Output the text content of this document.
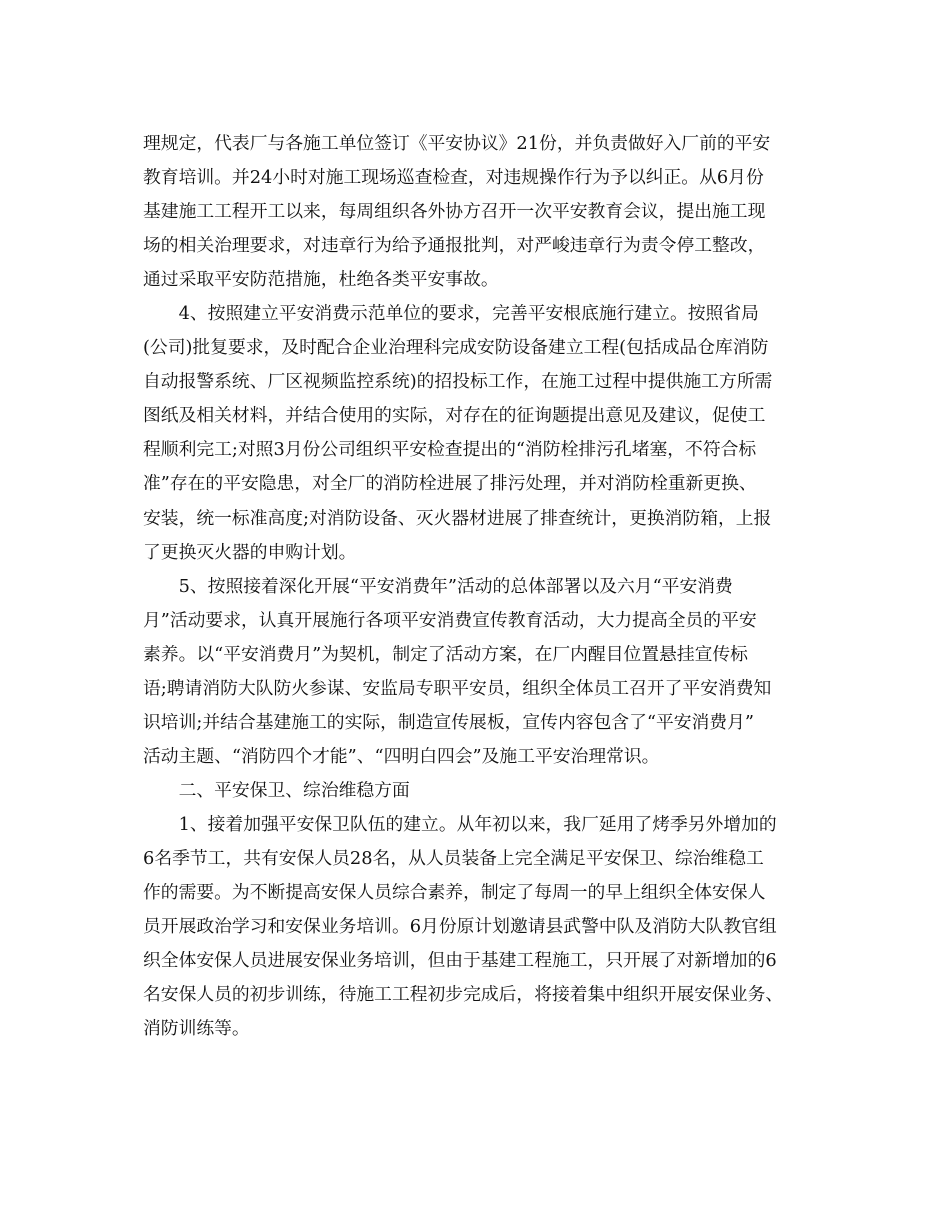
理规定，代表厂与各施工单位签订《平安协议》21份，并负责做好入厂前的平安
教育培训。并24小时对施工现场巡查检查，对违规操作行为予以纠正。从6月份
基建施工工程开工以来，每周组织各外协方召开一次平安教育会议，提出施工现
场的相关治理要求，对违章行为给予通报批判，对严峻违章行为责令停工整改，
通过采取平安防范措施，杜绝各类平安事故。
　　4、按照建立平安消费示范单位的要求，完善平安根底施行建立。按照省局
(公司)批复要求，及时配合企业治理科完成安防设备建立工程(包括成品仓库消防
自动报警系统、厂区视频监控系统)的招投标工作，在施工过程中提供施工方所需
图纸及相关材料，并结合使用的实际，对存在的征询题提出意见及建议，促使工
程顺利完工;对照3月份公司组织平安检查提出的“消防栓排污孔堵塞，不符合标
准”存在的平安隐患，对全厂的消防栓进展了排污处理，并对消防栓重新更换、
安装，统一标准高度;对消防设备、灭火器材进展了排查统计，更换消防箱，上报
了更换灭火器的申购计划。
　　5、按照接着深化开展“平安消费年”活动的总体部署以及六月“平安消费
月”活动要求，认真开展施行各项平安消费宣传教育活动，大力提高全员的平安
素养。以“平安消费月”为契机，制定了活动方案，在厂内醒目位置悬挂宣传标
语;聘请消防大队防火参谋、安监局专职平安员，组织全体员工召开了平安消费知
识培训;并结合基建施工的实际，制造宣传展板，宣传内容包含了“平安消费月”
活动主题、“消防四个才能”、“四明白四会”及施工平安治理常识。
　　二、平安保卫、综治维稳方面
　　1、接着加强平安保卫队伍的建立。从年初以来，我厂延用了烤季另外增加的
6名季节工，共有安保人员28名，从人员装备上完全满足平安保卫、综治维稳工
作的需要。为不断提高安保人员综合素养，制定了每周一的早上组织全体安保人
员开展政治学习和安保业务培训。6月份原计划邀请县武警中队及消防大队教官组
织全体安保人员进展安保业务培训，但由于基建工程施工，只开展了对新增加的6
名安保人员的初步训练，待施工工程初步完成后，将接着集中组织开展安保业务、
消防训练等。
